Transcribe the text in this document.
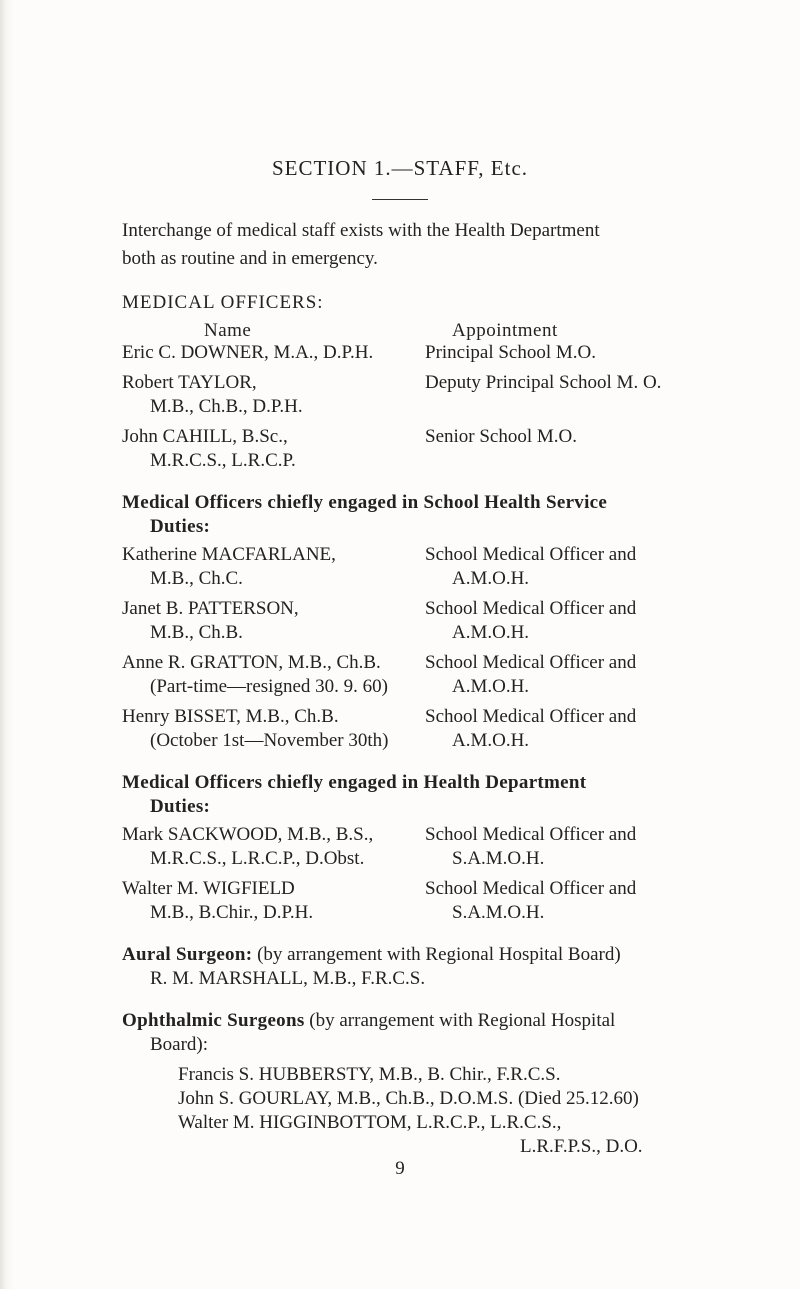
SECTION 1.—STAFF, Etc.
Interchange of medical staff exists with the Health Department
both as routine and in emergency.
MEDICAL OFFICERS:
Name	Appointment
Eric C. DOWNER, M.A., D.P.H.	Principal School M.O.
Robert TAYLOR,
M.B., Ch.B., D.P.H.
Deputy Principal School M. O.
John CAHILL, B.Sc.,
M.R.C.S., L.R.C.P.
Senior School M.O.
Medical Officers chiefly engaged in School Health Service
Duties:
Katherine MACFARLANE,
M.B., Ch.C.
School Medical Officer and
A.M.O.H.
Janet B. PATTERSON,
M.B., Ch.B.
School Medical Officer and
A.M.O.H.
Anne R. GRATTON, M.B., Ch.B.
(Part-time—resigned 30. 9. 60)
School Medical Officer and
A.M.O.H.
Henry BISSET, M.B., Ch.B.
(October 1st—November 30th)
School Medical Officer and
A.M.O.H.
Medical Officers chiefly engaged in Health Department
Duties:
Mark SACKWOOD, M.B., B.S.,
M.R.C.S., L.R.C.P., D.Obst.
School Medical Officer and
S.A.M.O.H.
Walter M. WIGFIELD
M.B., B.Chir., D.P.H.
School Medical Officer and
S.A.M.O.H.
Aural Surgeon: (by arrangement with Regional Hospital Board)
R. M. MARSHALL, M.B., F.R.C.S.
Ophthalmic Surgeons (by arrangement with Regional Hospital
Board):
Francis S. HUBBERSTY, M.B., B. Chir., F.R.C.S.
John S. GOURLAY, M.B., Ch.B., D.O.M.S. (Died 25.12.60)
Walter M. HIGGINBOTTOM, L.R.C.P., L.R.C.S.,
L.R.F.P.S., D.O.
9
